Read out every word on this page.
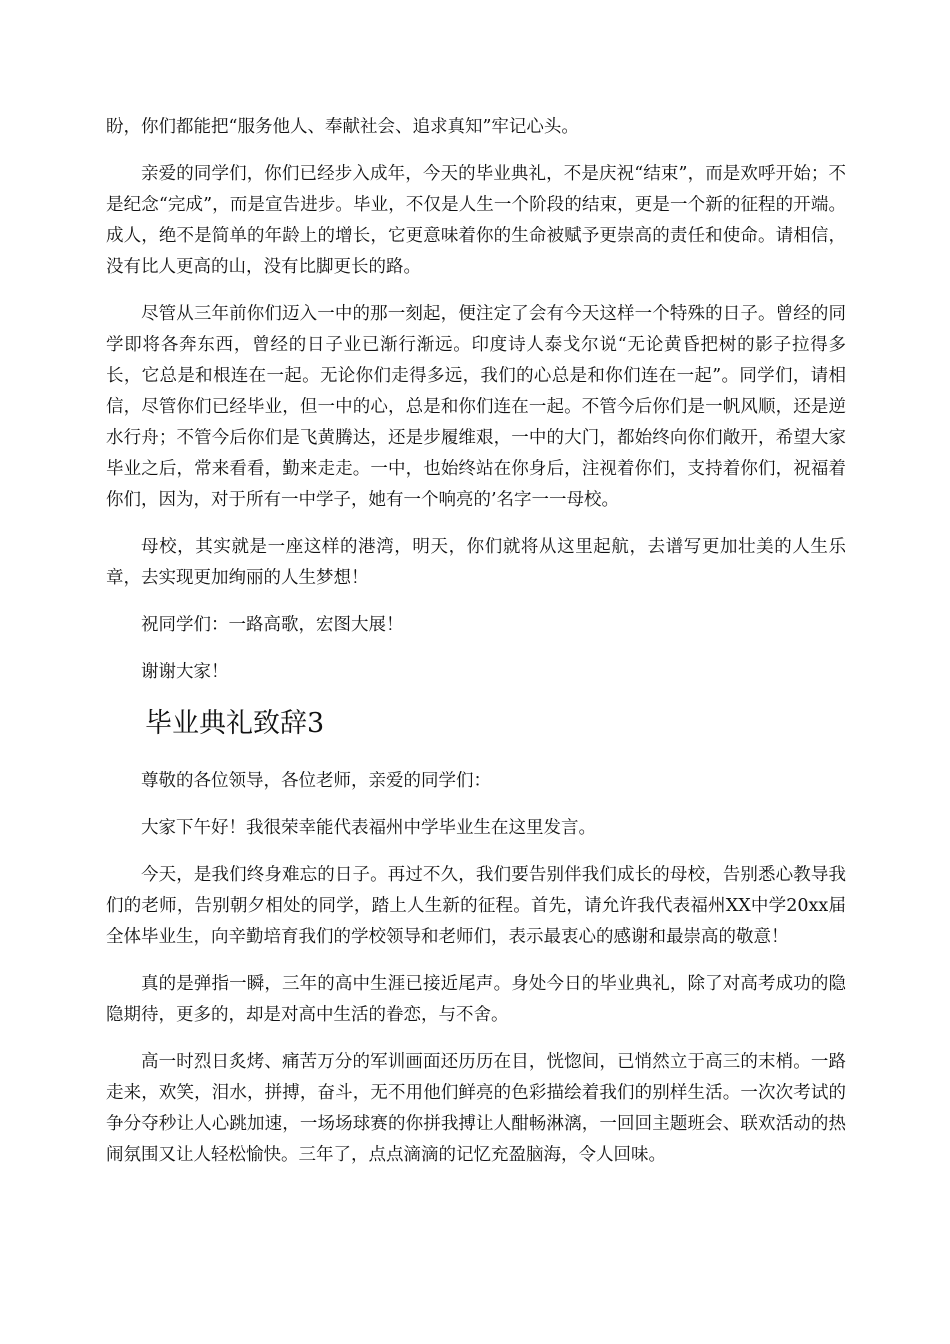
盼，你们都能把“服务他人、奉献社会、追求真知”牢记心头。

亲爱的同学们，你们已经步入成年，今天的毕业典礼，不是庆祝“结束”，而是欢呼开始；不是纪念“完成”，而是宣告进步。毕业，不仅是人生一个阶段的结束，更是一个新的征程的开端。成人，绝不是简单的年龄上的增长，它更意味着你的生命被赋予更崇高的责任和使命。请相信，没有比人更高的山，没有比脚更长的路。

尽管从三年前你们迈入一中的那一刻起，便注定了会有今天这样一个特殊的日子。曾经的同学即将各奔东西，曾经的日子业已渐行渐远。印度诗人泰戈尔说“无论黄昏把树的影子拉得多长，它总是和根连在一起。无论你们走得多远，我们的心总是和你们连在一起”。同学们，请相信，尽管你们已经毕业，但一中的心，总是和你们连在一起。不管今后你们是一帆风顺，还是逆水行舟；不管今后你们是飞黄腾达，还是步履维艰，一中的大门，都始终向你们敞开，希望大家毕业之后，常来看看，勤来走走。一中，也始终站在你身后，注视着你们，支持着你们，祝福着你们，因为，对于所有一中学子，她有一个响亮的’名字一一母校。

母校，其实就是一座这样的港湾，明天，你们就将从这里起航，去谱写更加壮美的人生乐章，去实现更加绚丽的人生梦想！

祝同学们：一路高歌，宏图大展！

谢谢大家！

毕业典礼致辞3

尊敬的各位领导，各位老师，亲爱的同学们：

大家下午好！我很荣幸能代表福州中学毕业生在这里发言。

今天，是我们终身难忘的日子。再过不久，我们要告别伴我们成长的母校，告别悉心教导我们的老师，告别朝夕相处的同学，踏上人生新的征程。首先，请允许我代表福州XX中学20xx届全体毕业生，向辛勤培育我们的学校领导和老师们，表示最衷心的感谢和最崇高的敬意！

真的是弹指一瞬，三年的高中生涯已接近尾声。身处今日的毕业典礼，除了对高考成功的隐隐期待，更多的，却是对高中生活的眷恋，与不舍。

高一时烈日炙烤、痛苦万分的军训画面还历历在目，恍惚间，已悄然立于高三的末梢。一路走来，欢笑，泪水，拼搏，奋斗，无不用他们鲜亮的色彩描绘着我们的别样生活。一次次考试的争分夺秒让人心跳加速，一场场球赛的你拼我搏让人酣畅淋漓，一回回主题班会、联欢活动的热闹氛围又让人轻松愉快。三年了，点点滴滴的记忆充盈脑海，令人回味。
